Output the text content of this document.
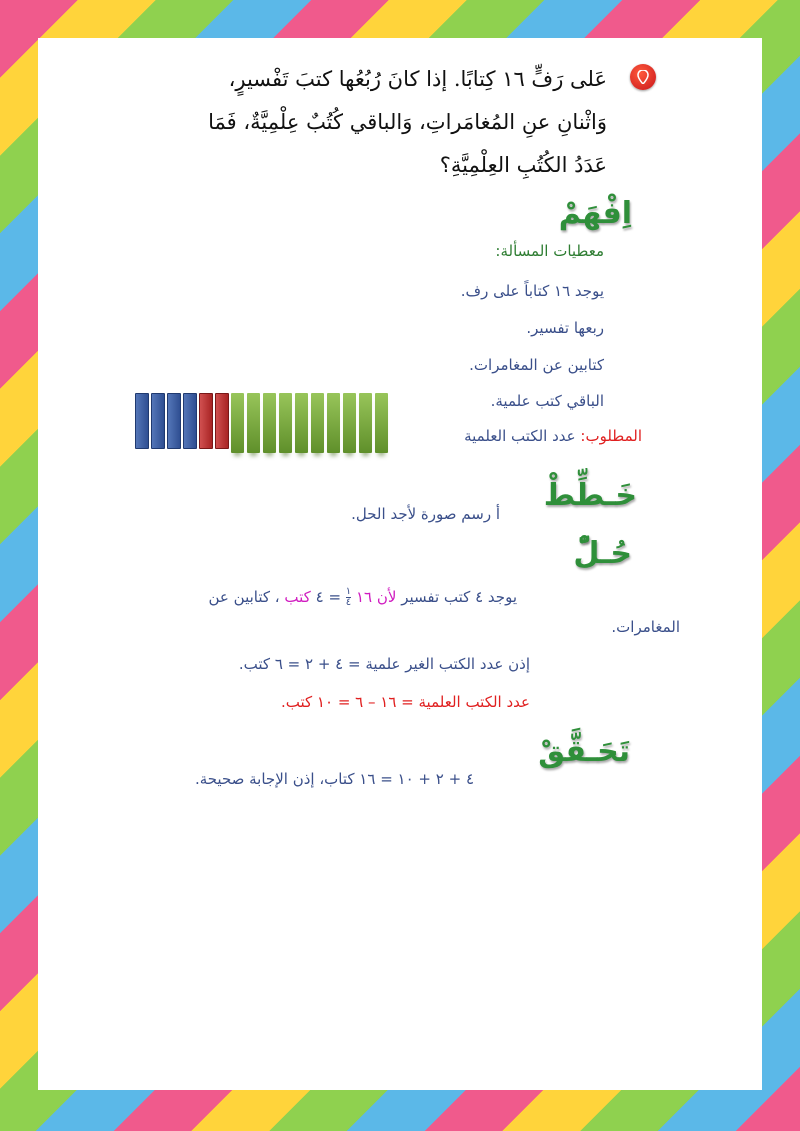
عَلى رَفٍّ ١٦ كِتابًا. إذا كانَ رُبُعُها كتبَ تَفْسيرٍ،
وَاثْنانِ عنِ المُغامَراتِ، وَالباقي كُتُبٌ عِلْمِيَّةٌ، فَمَا
عَدَدُ الكُتُبِ العِلْمِيَّةِ؟
اِفْهَمْ
معطيات المسألة:
يوجد ١٦ كتاباً على رف.
ربعها تفسير.
كتابين عن المغامرات.
الباقي كتب علمية.
المطلوب: عدد الكتب العلمية
خَـطِّطْ
أ رسم صورة لأجد الحل.
حُـلّْ
يوجد ٤ كتب تفسير لأن ١٦
$\frac{١}{٤}$
= ٤ كتب ، كتابين عن
المغامرات.
إذن عدد الكتب الغير علمية = ٤ + ٢ = ٦ كتب.
عدد الكتب العلمية = ١٦ – ٦ = ١٠ كتب.
تَحَـقَّقْ
٤ + ٢ + ١٠ = ١٦ كتاب، إذن الإجابة صحيحة.
